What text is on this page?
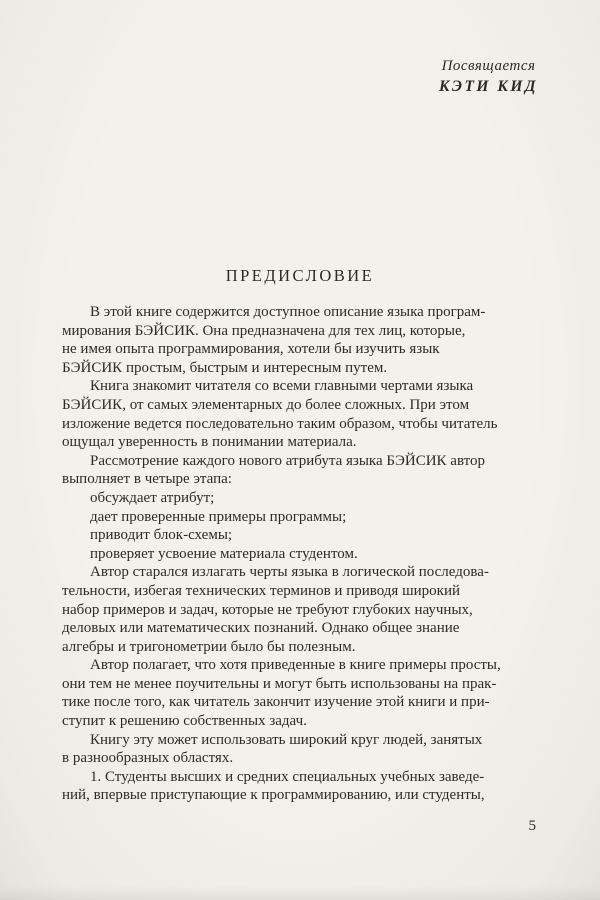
Посвящается
КЭТИ КИД
ПРЕДИСЛОВИЕ

В этой книге содержится доступное описание языка програм-
мирования БЭЙСИК. Она предназначена для тех лиц, которые,
не имея опыта программирования, хотели бы изучить язык
БЭЙСИК простым, быстрым и интересным путем.

Книга знакомит читателя со всеми главными чертами языка
БЭЙСИК, от самых элементарных до более сложных. При этом
изложение ведется последовательно таким образом, чтобы читатель
ощущал уверенность в понимании материала.

Рассмотрение каждого нового атрибута языка БЭЙСИК автор
выполняет в четыре этапа:

обсуждает атрибут;

дает проверенные примеры программы;

приводит блок-схемы;

проверяет усвоение материала студентом.

Автор старался излагать черты языка в логической последова-
тельности, избегая технических терминов и приводя широкий
набор примеров и задач, которые не требуют глубоких научных,
деловых или математических познаний. Однако общее знание
алгебры и тригонометрии было бы полезным.

Автор полагает, что хотя приведенные в книге примеры просты,
они тем не менее поучительны и могут быть использованы на прак-
тике после того, как читатель закончит изучение этой книги и при-
ступит к решению собственных задач.

Книгу эту может использовать широкий круг людей, занятых
в разнообразных областях.

1. Студенты высших и средних специальных учебных заведе-
ний, впервые приступающие к программированию, или студенты,

5
